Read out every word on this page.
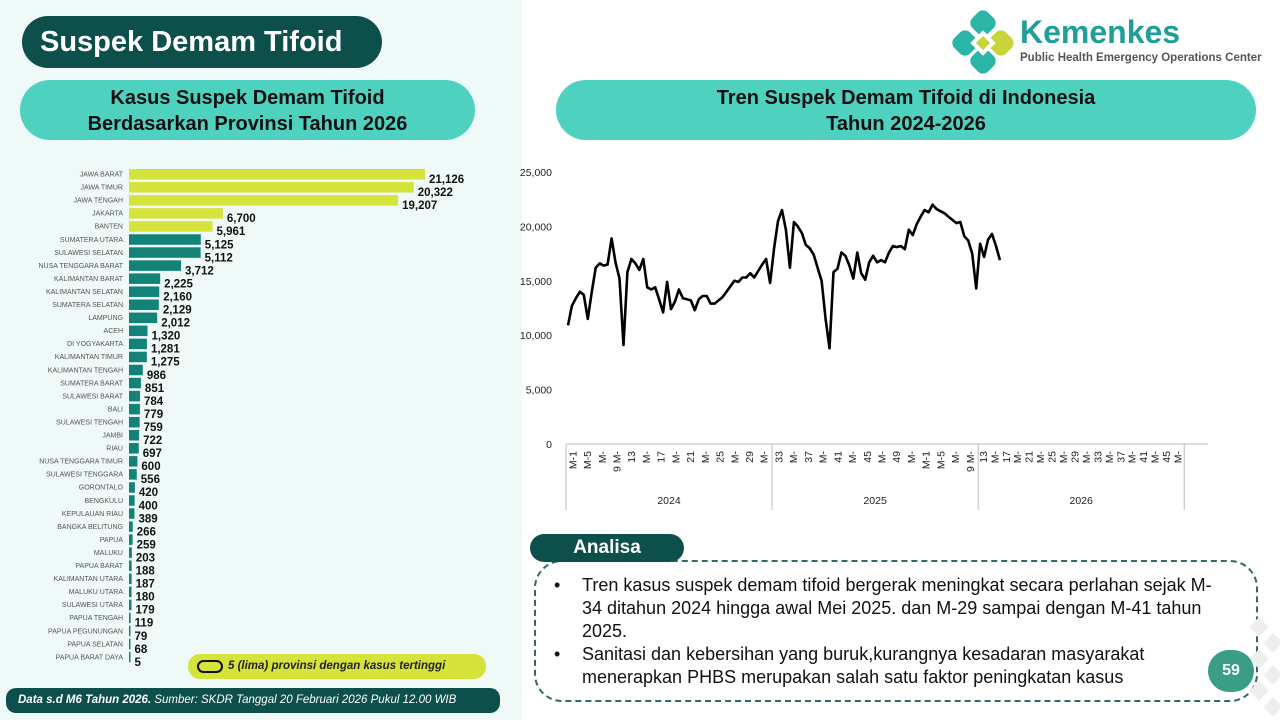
Suspek Demam Tifoid	Kemenkes
Public Health Emergency Operations Center
Kasus Suspek Demam Tifoid
Berdasarkan Provinsi Tahun 2026
Tren Suspek Demam Tifoid di Indonesia
Tahun 2024-2026
JAWA BARAT	21,126
JAWA TIMUR	20,322
JAWA TENGAH	19,207
JAKARTA	6,700
BANTEN	5,961
SUMATERA UTARA	5,125
SULAWESI SELATAN	5,112
NUSA TENGGARA BARAT	3,712
KALIMANTAN BARAT	2,225
KALIMANTAN SELATAN	2,160
SUMATERA SELATAN	2,129
LAMPUNG	2,012
ACEH 1,320
DI YOGYAKARTA 1,281
KALIMANTAN TIMUR 1,275
KALIMANTAN TENGAH 986
SUMATERA BARAT 851
SULAWESI BARAT 784
BALI 779
SULAWESI TENGAH 759
JAMBI 722
RIAU 697
NUSA TENGGARA TIMUR 600
SULAWESI TENGGARA 556
GORONTALO 420
BENGKULU 400
KEPULAUAN RIAU 389
BANGKA BELITUNG 266
PAPUA 259
MALUKU 203
PAPUA BARAT 188
KALIMANTAN UTARA 187
MALUKU UTARA 180
SULAWESI UTARA 179
PAPUA TENGAH 119
PAPUA PEGUNUNGAN 79
PAPUA SELATAN 68
PAPUA BARAT DAYA 5
0
5,000
10,000
15,000
20,000
25,000
2024	2025	2026
M-1 M-5 M- 9 M- 13 M- 17 M- 21 M- 25 M- 29 M- 33 M- 37 M- 41 M- 45 M- 49 M- M-1 M-5 M- 9 M- 13 M- 17 M- 21 M- 25 M- 29 M- 33 M- 37 M- 41 M- 45 M-
5 (lima) provinsi dengan kasus tertinggi
Data s.d M6 Tahun 2026. Sumber: SKDR Tanggal 20 Februari 2026 Pukul 12.00 WIB
Analisa
• Tren kasus suspek demam tifoid bergerak meningkat secara perlahan sejak M-34 ditahun 2024 hingga awal Mei 2025. dan M-29 sampai dengan M-41 tahun 2025.
• Sanitasi dan kebersihan yang buruk,kurangnya kesadaran masyarakat menerapkan PHBS merupakan salah satu faktor peningkatan kasus	59
